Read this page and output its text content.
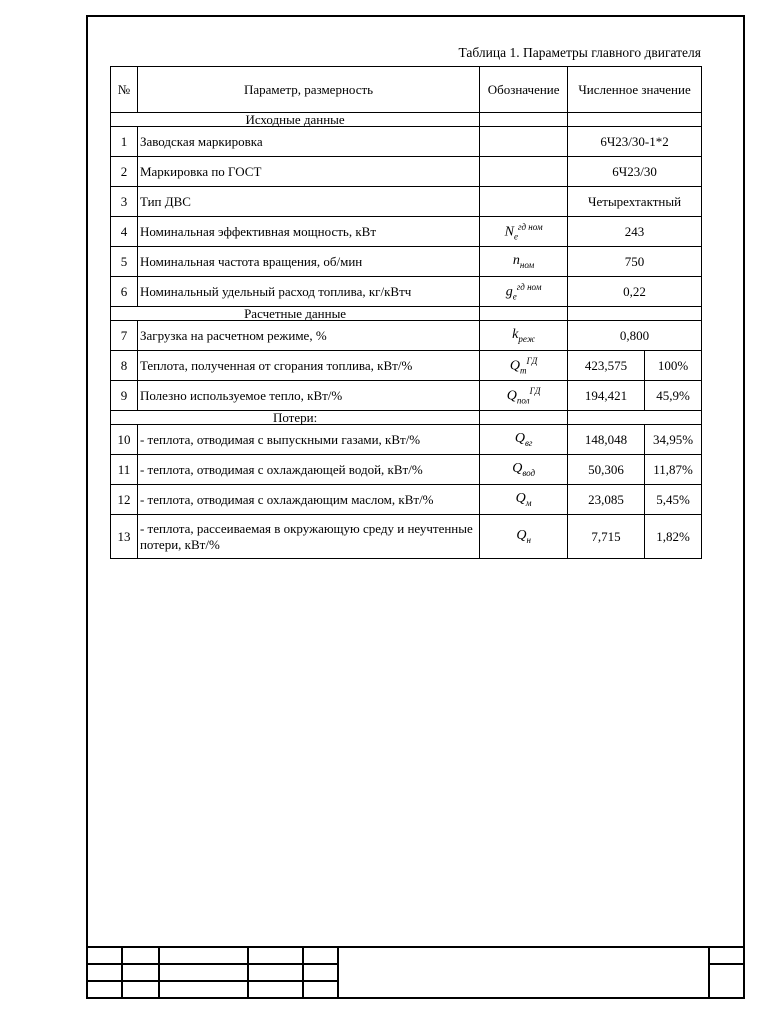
Таблица 1. Параметры главного двигателя
№	Параметр, размерность	Обозначение	Численное значение	
Исходные данные				
1	Заводская маркировка		6Ч23/30-1*2	
2	Маркировка по ГОСТ		6Ч23/30	
3	Тип ДВС		Четырехтактный	
4	Номинальная эффективная мощность, кВт	$N_e^{гд ном}$	243	
5	Номинальная частота вращения, об/мин	$n_{ном}$	750	
6	Номинальный удельный расход топлива, кг/кВтч	$g_e^{гд ном}$	0,22	
Расчетные данные				
7	Загрузка на расчетном режиме, %	$k_{реж}$	0,800	
8	Теплота, полученная от сгорания топлива, кВт/%	$Q_т^{ГД}$	423,575	100%
9	Полезно используемое тепло, кВт/%	$Q_{пол}^{ГД}$	194,421	45,9%
Потери:				
10	- теплота, отводимая с выпускными газами, кВт/%	$Q_{вг}$	148,048	34,95%
11	- теплота, отводимая с охлаждающей водой, кВт/%	$Q_{вод}$	50,306	11,87%
12	- теплота, отводимая с охлаждающим маслом, кВт/%	$Q_м$	23,085	5,45%
13	- теплота, рассеиваемая в окружающую среду и неучтенные потери, кВт/%	$Q_н$	7,715	1,82%
